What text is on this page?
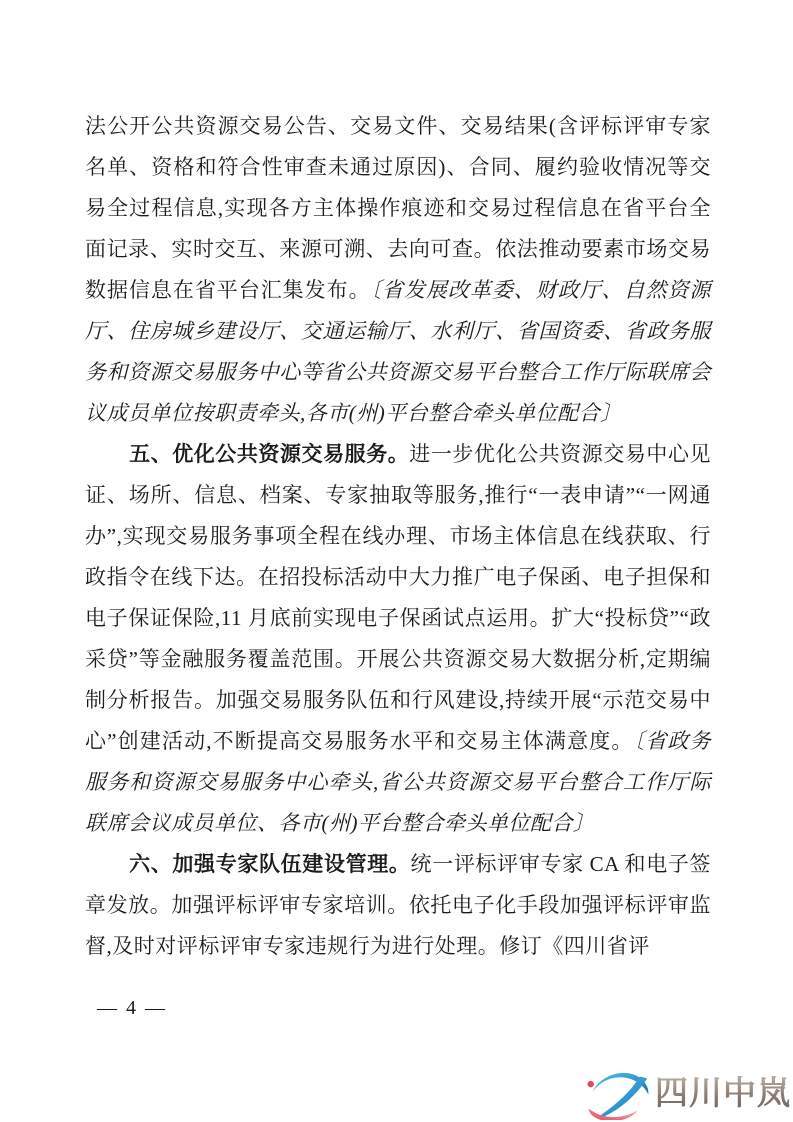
法公开公共资源交易公告、交易文件、交易结果(含评标评审专家名单、资格和符合性审查未通过原因)、合同、履约验收情况等交易全过程信息,实现各方主体操作痕迹和交易过程信息在省平台全面记录、实时交互、来源可溯、去向可查。依法推动要素市场交易数据信息在省平台汇集发布。〔省发展改革委、财政厅、自然资源厅、住房城乡建设厅、交通运输厅、水利厅、省国资委、省政务服务和资源交易服务中心等省公共资源交易平台整合工作厅际联席会议成员单位按职责牵头,各市(州)平台整合牵头单位配合〕

五、优化公共资源交易服务。进一步优化公共资源交易中心见证、场所、信息、档案、专家抽取等服务,推行“一表申请”“一网通办”,实现交易服务事项全程在线办理、市场主体信息在线获取、行政指令在线下达。在招投标活动中大力推广电子保函、电子担保和电子保证保险,11 月底前实现电子保函试点运用。扩大“投标贷”“政采贷”等金融服务覆盖范围。开展公共资源交易大数据分析,定期编制分析报告。加强交易服务队伍和行风建设,持续开展“示范交易中心”创建活动,不断提高交易服务水平和交易主体满意度。〔省政务服务和资源交易服务中心牵头,省公共资源交易平台整合工作厅际联席会议成员单位、各市(州)平台整合牵头单位配合〕

六、加强专家队伍建设管理。统一评标评审专家 CA 和电子签章发放。加强评标评审专家培训。依托电子化手段加强评标评审监督,及时对评标评审专家违规行为进行处理。修订《四川省评

— 4 —
四川中岚
